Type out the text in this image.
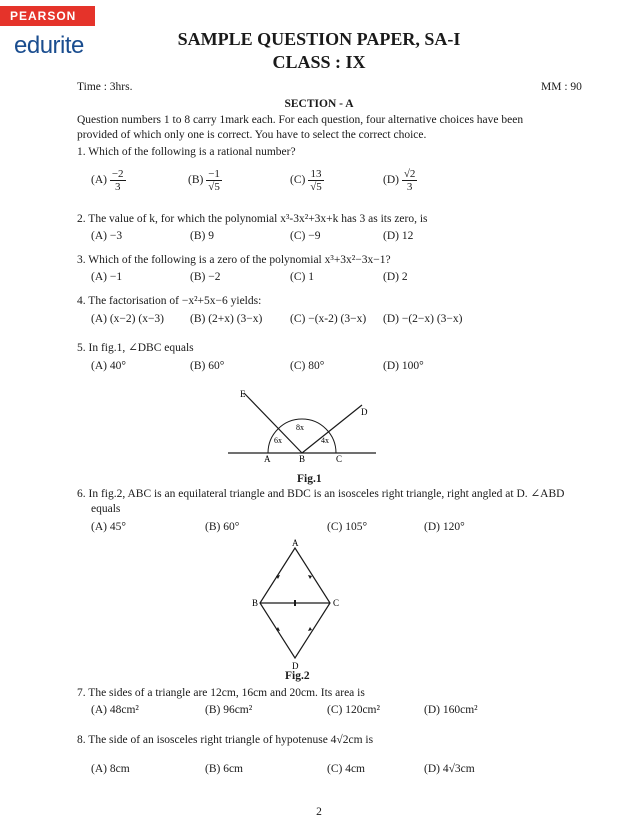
PEARSON
edurite	SAMPLE QUESTION PAPER, SA-I
CLASS : IX
Time : 3hrs.	MM : 90
SECTION - A
Question numbers 1 to 8 carry 1mark each. For each question, four alternative choices have been
provided of which only one is correct. You have to select the correct choice.
1. Which of the following is a rational number?
$(A) \frac{-2}{3}$	$(B) \frac{-1}{√5}$	$(C) \frac{13}{√5}$	$(D) \frac{√2}{3}$
2. The value of k, for which the polynomial x³-3x²+3x+k has 3 as its zero, is
(A) −3	(B) 9	(C) −9	(D) 12
3. Which of the following is a zero of the polynomial x³+3x²−3x−1?
(A) −1	(B) −2	(C) 1	(D) 2
4. The factorisation of −x²+5x−6 yields:
(A) (x−2) (x−3) (B) (2+x) (3−x) (C) −(x-2) (3−x) (D) −(2−x) (3−x)
5. In fig.1, ∠DBC equals
(A) 40°	(B) 60°	(C) 80°	(D) 100°
E
D
A	B	C
6x
8x
4x
Fig.1
6. In fig.2, ABC is an equilateral triangle and BDC is an isosceles right triangle, right angled at D. ∠ABD
equals
(A) 45°	(B) 60°	(C) 105°	(D) 120°
A
B	C
D
Fig.2
7. The sides of a triangle are 12cm, 16cm and 20cm. Its area is
(A) 48cm²	(B) 96cm²	(C) 120cm²	(D) 160cm²
8. The side of an isosceles right triangle of hypotenuse 4√2cm is
(A) 8cm	(B) 6cm	(C) 4cm	(D) 4√3cm
2
